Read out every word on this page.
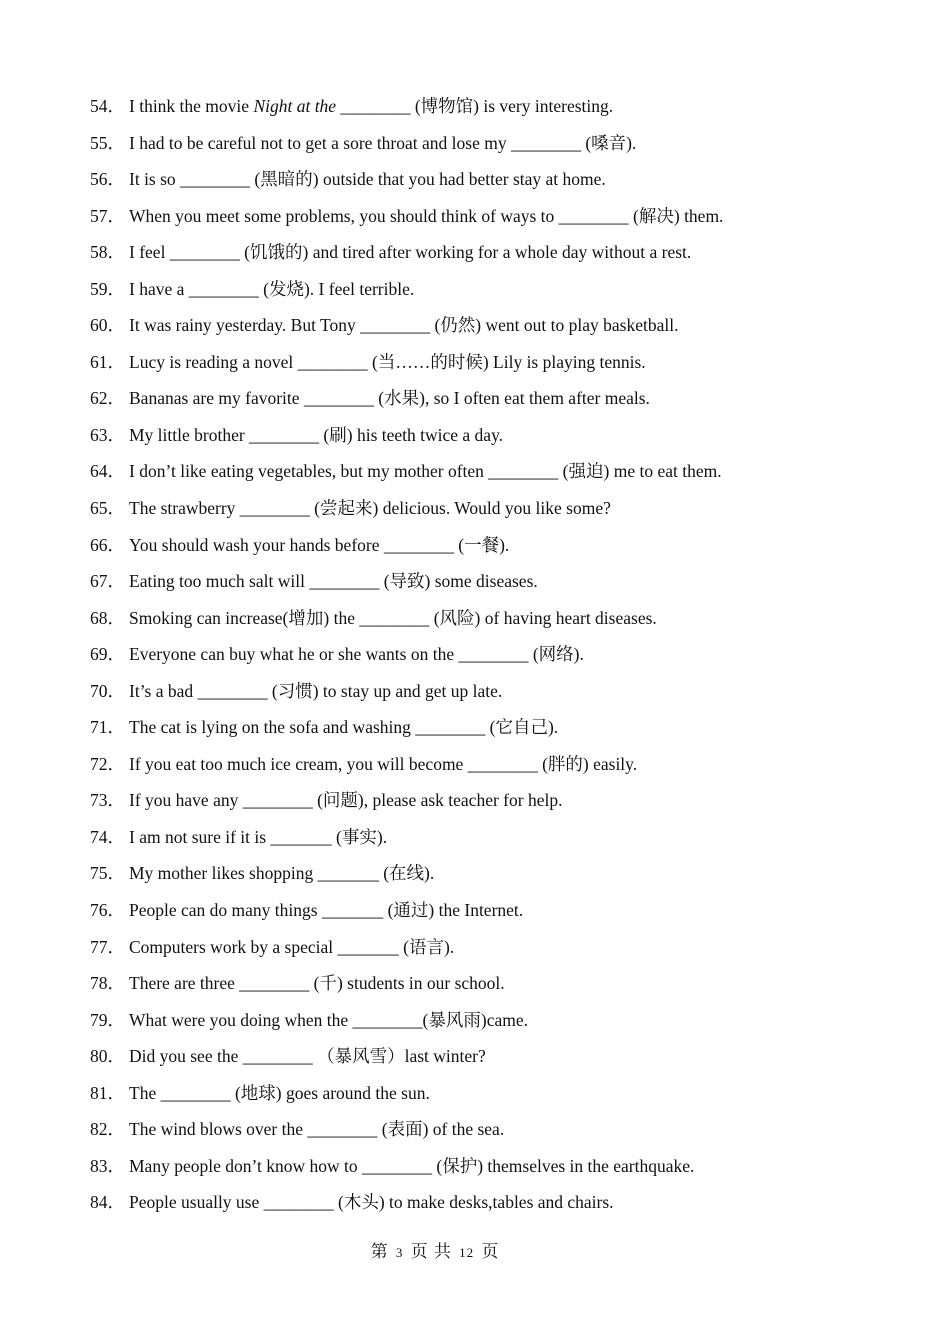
54． I think the movie Night at the ________ (博物馆) is very interesting.
55． I had to be careful not to get a sore throat and lose my ________ (嗓音).
56． It is so ________ (黑暗的) outside that you had better stay at home.
57． When you meet some problems, you should think of ways to ________ (解决) them.
58． I feel ________ (饥饿的) and tired after working for a whole day without a rest.
59． I have a ________ (发烧). I feel terrible.
60． It was rainy yesterday. But Tony ________ (仍然) went out to play basketball.
61． Lucy is reading a novel ________ (当……的时候) Lily is playing tennis.
62． Bananas are my favorite ________ (水果), so I often eat them after meals.
63． My little brother ________ (刷) his teeth twice a day.
64． I don’t like eating vegetables, but my mother often ________ (强迫) me to eat them.
65． The strawberry ________ (尝起来) delicious. Would you like some?
66． You should wash your hands before ________ (一餐).
67． Eating too much salt will ________ (导致) some diseases.
68． Smoking can increase(增加) the ________ (风险) of having heart diseases.
69． Everyone can buy what he or she wants on the ________ (网络).
70． It’s a bad ________ (习惯) to stay up and get up late.
71． The cat is lying on the sofa and washing ________ (它自己).
72． If you eat too much ice cream, you will become ________ (胖的) easily.
73． If you have any ________ (问题), please ask teacher for help.
74． I am not sure if it is _______ (事实).
75． My mother likes shopping _______ (在线).
76． People can do many things _______ (通过) the Internet.
77． Computers work by a special _______ (语言).
78． There are three ________ (千) students in our school.
79． What were you doing when the ________(暴风雨)came.
80． Did you see the ________ （暴风雪）last winter?
81． The ________ (地球) goes around the sun.
82． The wind blows over the ________ (表面) of the sea.
83． Many people don’t know how to ________ (保护) themselves in the earthquake.
84． People usually use ________ (木头) to make desks,tables and chairs.
第 3 页 共 12 页
